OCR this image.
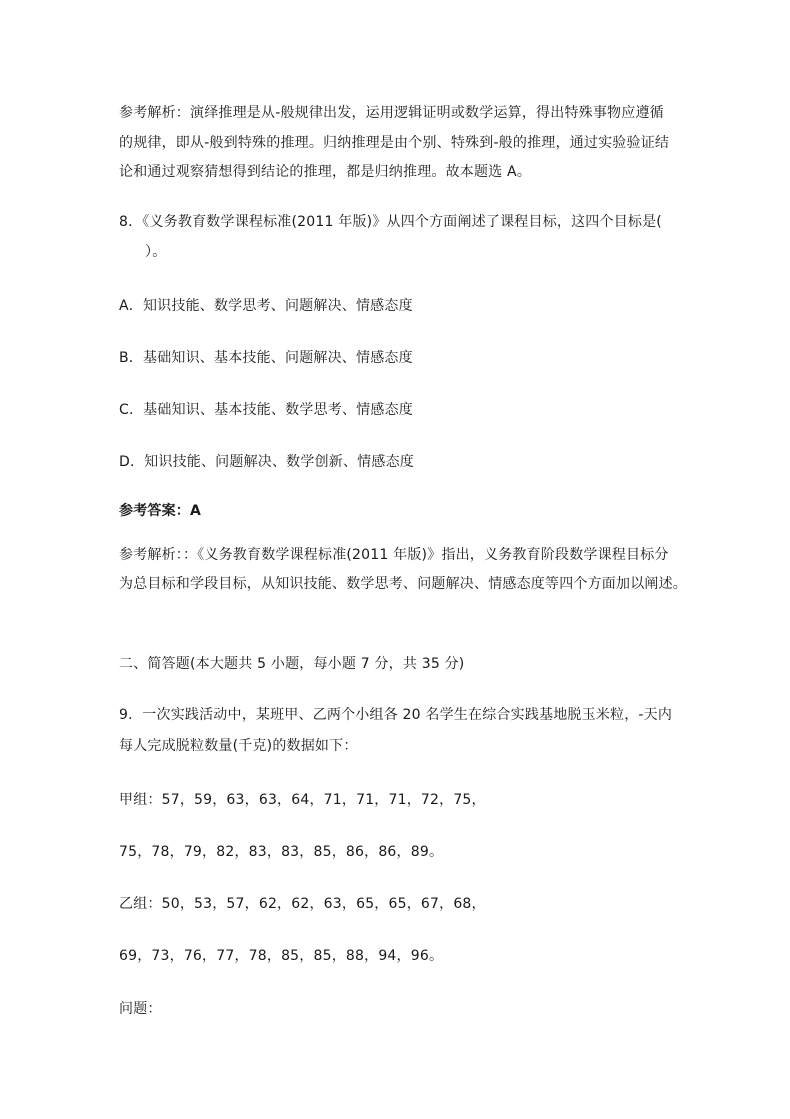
参考解析：演绎推理是从-般规律出发，运用逻辑证明或数学运算，得出特殊事物应遵循
的规律，即从-般到特殊的推理。归纳推理是由个别、特殊到-般的推理，通过实验验证结
论和通过观察猜想得到结论的推理，都是归纳推理。故本题选 A。
8．《义务教育数学课程标准(2011 年版)》从四个方面阐述了课程目标，这四个目标是(
）。
A．知识技能、数学思考、问题解决、情感态度
B．基础知识、基本技能、问题解决、情感态度
C．基础知识、基本技能、数学思考、情感态度
D．知识技能、问题解决、数学创新、情感态度
参考答案：A
参考解析：：《义务教育数学课程标准(2011 年版)》指出，义务教育阶段数学课程目标分
为总目标和学段目标，从知识技能、数学思考、问题解决、情感态度等四个方面加以阐述。
二、简答题(本大题共 5 小题，每小题 7 分，共 35 分)
9．一次实践活动中，某班甲、乙两个小组各 20 名学生在综合实践基地脱玉米粒，-天内
每人完成脱粒数量(千克)的数据如下：
甲组：57，59，63，63，64，71，71，71，72，75，
75，78，79，82，83，83，85，86，86，89。
乙组：50，53，57，62，62，63，65，65，67，68，
69，73，76，77，78，85，85，88，94，96。
问题：
